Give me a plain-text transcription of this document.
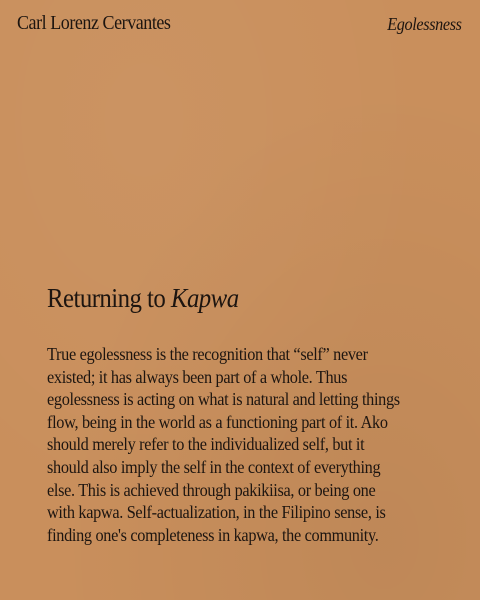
Carl Lorenz Cervantes	Egolessness
Returning to Kapwa
True egolessness is the recognition that “self” never
existed; it has always been part of a whole. Thus
egolessness is acting on what is natural and letting things
flow, being in the world as a functioning part of it. Ako
should merely refer to the individualized self, but it
should also imply the self in the context of everything
else. This is achieved through pakikiisa, or being one
with kapwa. Self-actualization, in the Filipino sense, is
finding one's completeness in kapwa, the community.
